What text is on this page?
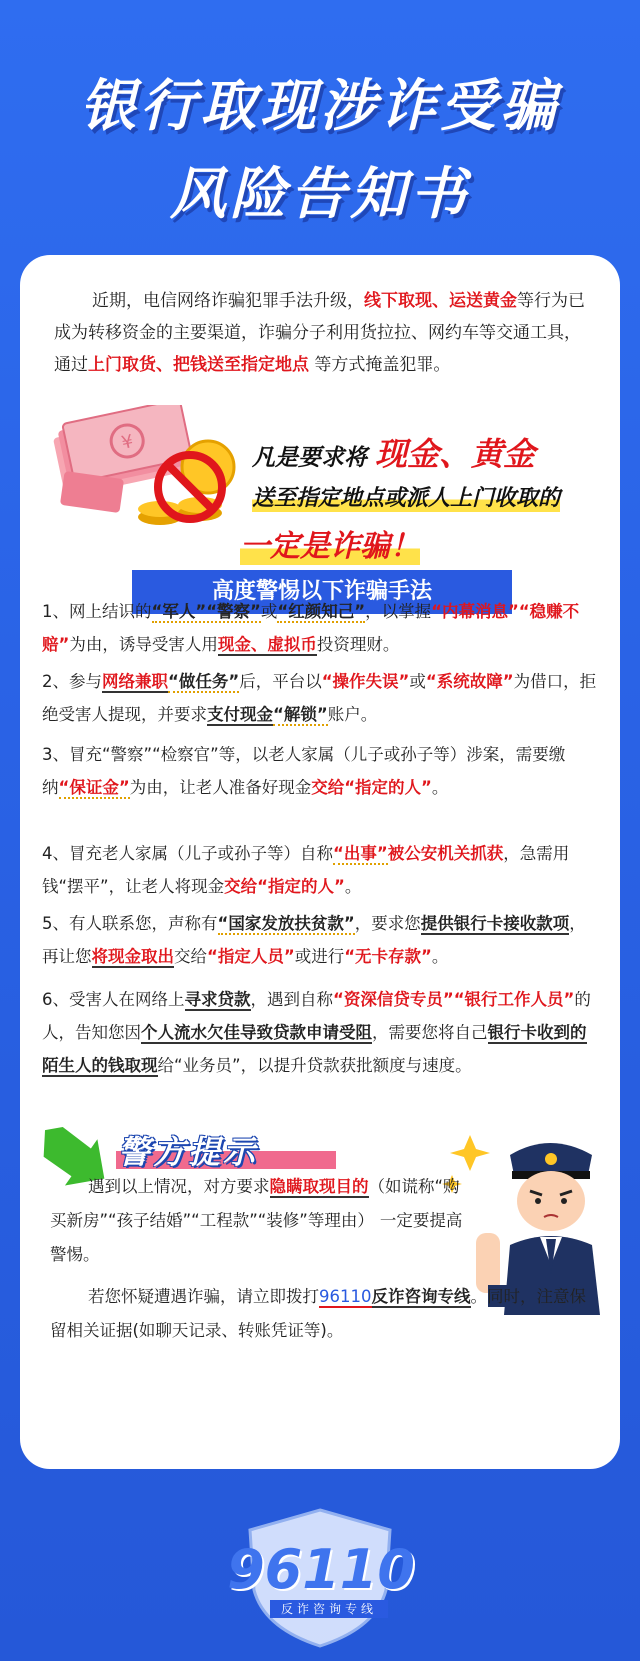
银行取现涉诈受骗
风险告知书
近期，电信网络诈骗犯罪手法升级，线下取现、运送黄金等行为已成为转移资金的主要渠道，诈骗分子利用货拉拉、网约车等交通工具，通过上门取货、把钱送至指定地点 等方式掩盖犯罪。
¥
凡是要求将 现金、黄金
送至指定地点或派人上门收取的
一定是诈骗！
高度警惕以下诈骗手法
1、网上结识的“军人”“警察”或“红颜知己”，以掌握“内幕消息”“稳赚不赔”为由，诱导受害人用现金、虚拟币投资理财。
2、参与网络兼职“做任务”后，平台以“操作失误”或“系统故障”为借口，拒绝受害人提现，并要求支付现金“解锁”账户。
3、冒充“警察”“检察官”等，以老人家属（儿子或孙子等）涉案，需要缴纳“保证金”为由，让老人准备好现金交给“指定的人”。
4、冒充老人家属（儿子或孙子等）自称“出事”被公安机关抓获，急需用钱“摆平”，让老人将现金交给“指定的人”。
5、有人联系您，声称有“国家发放扶贫款”，要求您提供银行卡接收款项，再让您将现金取出交给“指定人员”或进行“无卡存款”。
6、受害人在网络上寻求贷款，遇到自称“资深信贷专员”“银行工作人员”的人，告知您因个人流水欠佳导致贷款申请受阻，需要您将自己银行卡收到的陌生人的钱取现给“业务员”，以提升贷款获批额度与速度。
警方提示
遇到以上情况，对方要求隐瞒取现目的（如谎称“购买新房”“孩子结婚”“工程款”“装修”等理由） 一定要提高警惕。
若您怀疑遭遇诈骗，请立即拨打96110反诈咨询专线。同时，注意保留相关证据(如聊天记录、转账凭证等)。
96110
反诈咨询专线
